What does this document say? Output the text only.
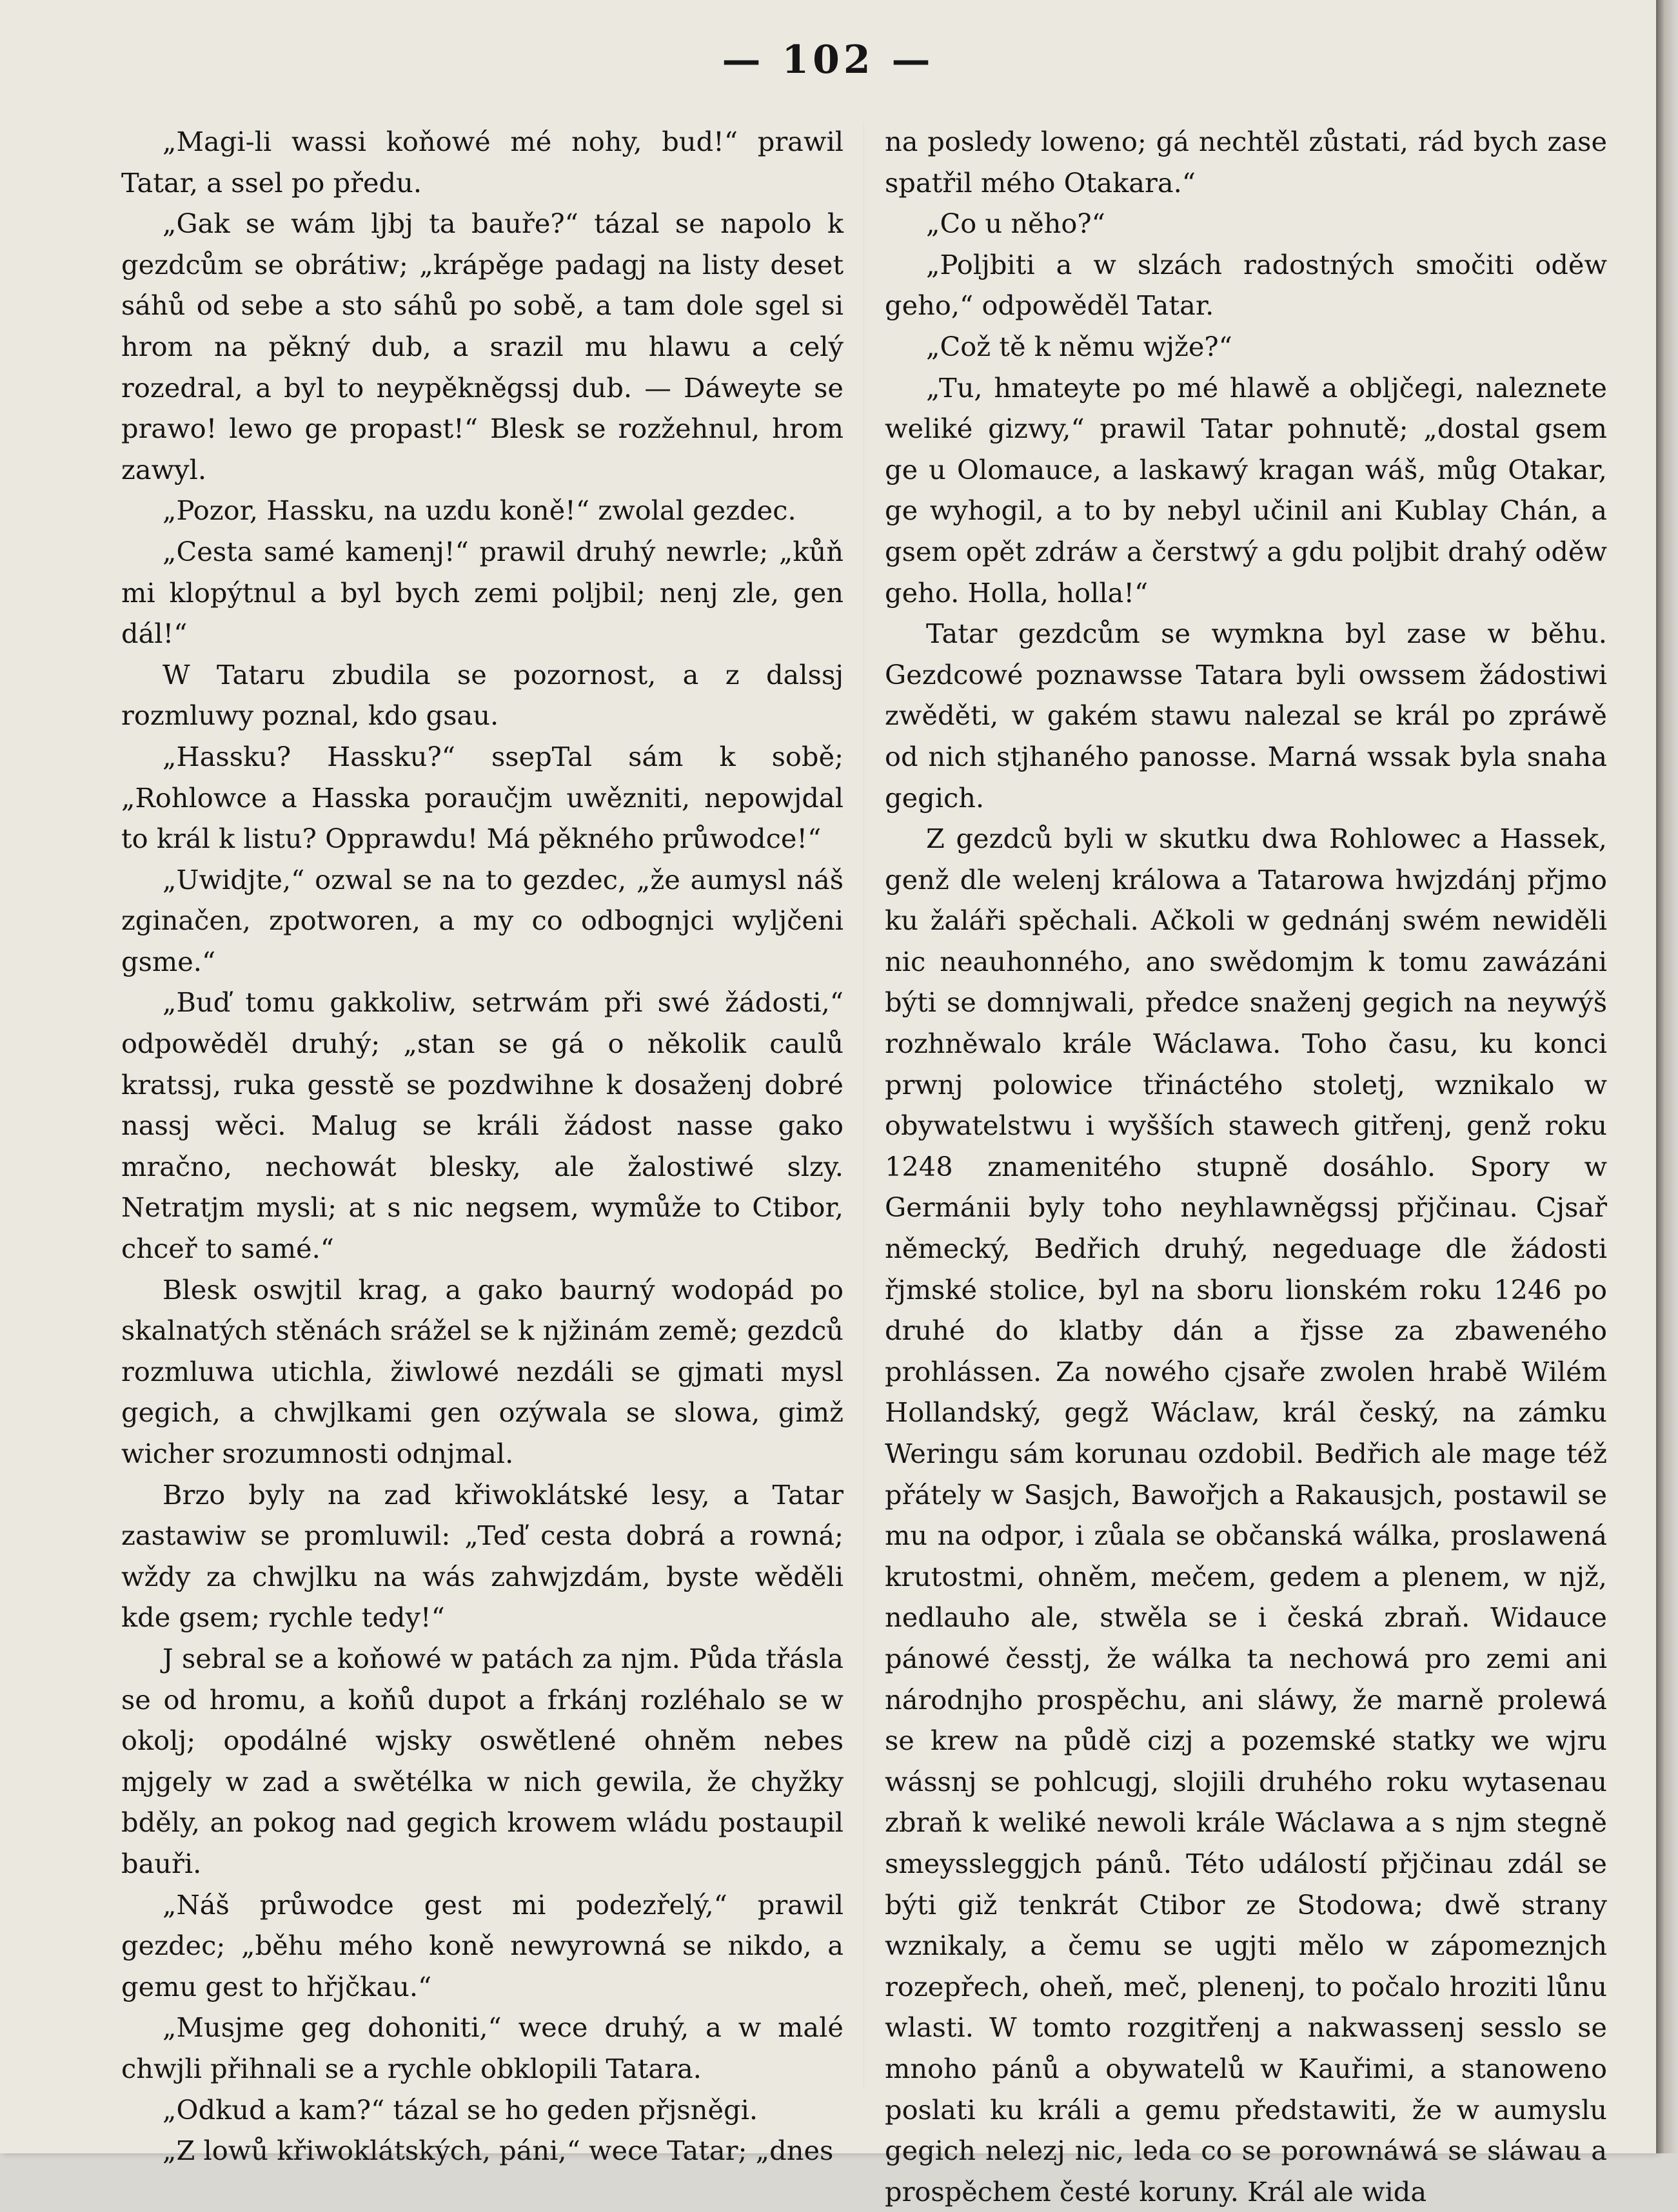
— 102 —

„Magi-li wassi koňowé mé nohy, bud!“ prawil Tatar, a ssel po předu.

„Gak se wám ljbj ta bauře?“ tázal se napolo k gezdcům se obrátiw; „krápěge padagj na listy deset sáhů od sebe a sto sáhů po sobě, a tam dole sgel si hrom na pěkný dub, a srazil mu hlawu a celý rozedral, a byl to neypěkněgssj dub. — Dáweyte se prawo! lewo ge propast!“ Blesk se rozžehnul, hrom zawyl.

„Pozor, Hassku, na uzdu koně!“ zwolal gezdec.

„Cesta samé kamenj!“ prawil druhý newrle; „kůň mi klopýtnul a byl bych zemi poljbil; nenj zle, gen dál!“

W Tataru zbudila se pozornost, a z dalssj rozmluwy poznal, kdo gsau.

„Hassku? Hassku?“ ssepTal sám k sobě; „Rohlowce a Hasska poraučjm uwězniti, nepowjdal to král k listu? Opprawdu! Má pěkného průwodce!“

„Uwidjte,“ ozwal se na to gezdec, „že aumysl náš zginačen, zpotworen, a my co odbognjci wyljčeni gsme.“

„Buď tomu gakkoliw, setrwám při swé žádosti,“ odpowěděl druhý; „stan se gá o několik caulů kratssj, ruka gesstě se pozdwihne k dosaženj dobré nassj wěci. Malug se králi žádost nasse gako mračno, nechowát blesky, ale žalostiwé slzy. Netratjm mysli; at s nic negsem, wymůže to Ctibor, chceř to samé.“

Blesk oswjtil krag, a gako baurný wodopád po skalnatých stěnách srážel se k njžinám země; gezdců rozmluwa utichla, žiwlowé nezdáli se gjmati mysl gegich, a chwjlkami gen ozýwala se slowa, gimž wicher srozumnosti odnjmal.

Brzo byly na zad křiwoklátské lesy, a Tatar zastawiw se promluwil: „Teď cesta dobrá a rowná; wždy za chwjlku na wás zahwjzdám, byste wěděli kde gsem; rychle tedy!“

J sebral se a koňowé w patách za njm. Půda třásla se od hromu, a koňů dupot a frkánj rozléhalo se w okolj; opodálné wjsky oswětlené ohněm nebes mjgely w zad a swětélka w nich gewila, že chyžky bděly, an pokog nad gegich krowem wládu postaupil bauři.

„Náš průwodce gest mi podezřelý,“ prawil gezdec; „běhu mého koně newyrowná se nikdo, a gemu gest to hřjčkau.“

„Musjme geg dohoniti,“ wece druhý, a w malé chwjli přihnali se a rychle obklopili Tatara.

„Odkud a kam?“ tázal se ho geden přjsněgi.

„Z lowů křiwoklátských, páni,“ wece Tatar; „dnes

na posledy loweno; gá nechtěl zůstati, rád bych zase spatřil mého Otakara.“

„Co u něho?“

„Poljbiti a w slzách radostných smočiti oděw geho,“ odpowěděl Tatar.

„Což tě k němu wjže?“

„Tu, hmateyte po mé hlawě a obljčegi, naleznete weliké gizwy,“ prawil Tatar pohnutě; „dostal gsem ge u Olomauce, a laskawý kragan wáš, můg Otakar, ge wyhogil, a to by nebyl učinil ani Kublay Chán, a gsem opět zdráw a čerstwý a gdu poljbit drahý oděw geho. Holla, holla!“

Tatar gezdcům se wymkna byl zase w běhu. Gezdcowé poznawsse Tatara byli owssem žádostiwi zwěděti, w gakém stawu nalezal se král po zpráwě od nich stjhaného panosse. Marná wssak byla snaha gegich.

Z gezdců byli w skutku dwa Rohlowec a Hassek, genž dle welenj králowa a Tatarowa hwjzdánj přjmo ku žaláři spěchali. Ačkoli w gednánj swém newiděli nic neauhonného, ano swědomjm k tomu zawázáni býti se domnjwali, předce snaženj gegich na neywýš rozhněwalo krále Wáclawa. Toho času, ku konci prwnj polowice třináctého stoletj, wznikalo w obywatelstwu i wyšších stawech gitřenj, genž roku 1248 znamenitého stupně dosáhlo. Spory w Germánii byly toho neyhlawněgssj přjčinau. Cjsař německý, Bedřich druhý, negeduage dle žádosti řjmské stolice, byl na sboru lionském roku 1246 po druhé do klatby dán a řjsse za zbaweného prohlássen. Za nowého cjsaře zwolen hrabě Wilém Hollandský, gegž Wáclaw, král český, na zámku Weringu sám korunau ozdobil. Bedřich ale mage též přátely w Sasjch, Bawořjch a Rakausjch, postawil se mu na odpor, i zůala se občanská wálka, proslawená krutostmi, ohněm, mečem, gedem a plenem, w njž, nedlauho ale, stwěla se i česká zbraň. Widauce pánowé česstj, že wálka ta nechowá pro zemi ani národnjho prospěchu, ani sláwy, že marně prolewá se krew na půdě cizj a pozemské statky we wjru wássnj se pohlcugj, slojili druhého roku wytasenau zbraň k weliké newoli krále Wáclawa a s njm stegně smeyssleggjch pánů. Této událostí přjčinau zdál se býti giž tenkrát Ctibor ze Stodowa; dwě strany wznikaly, a čemu se ugjti mělo w zápomeznjch rozepřech, oheň, meč, plenenj, to počalo hroziti lůnu wlasti. W tomto rozgitřenj a nakwassenj sesslo se mnoho pánů a obywatelů w Kauřimi, a stanoweno poslati ku králi a gemu předstawiti, že w aumyslu gegich nelezj nic, leda co se porownáwá se sláwau a prospěchem česté koruny. Král ale wida
